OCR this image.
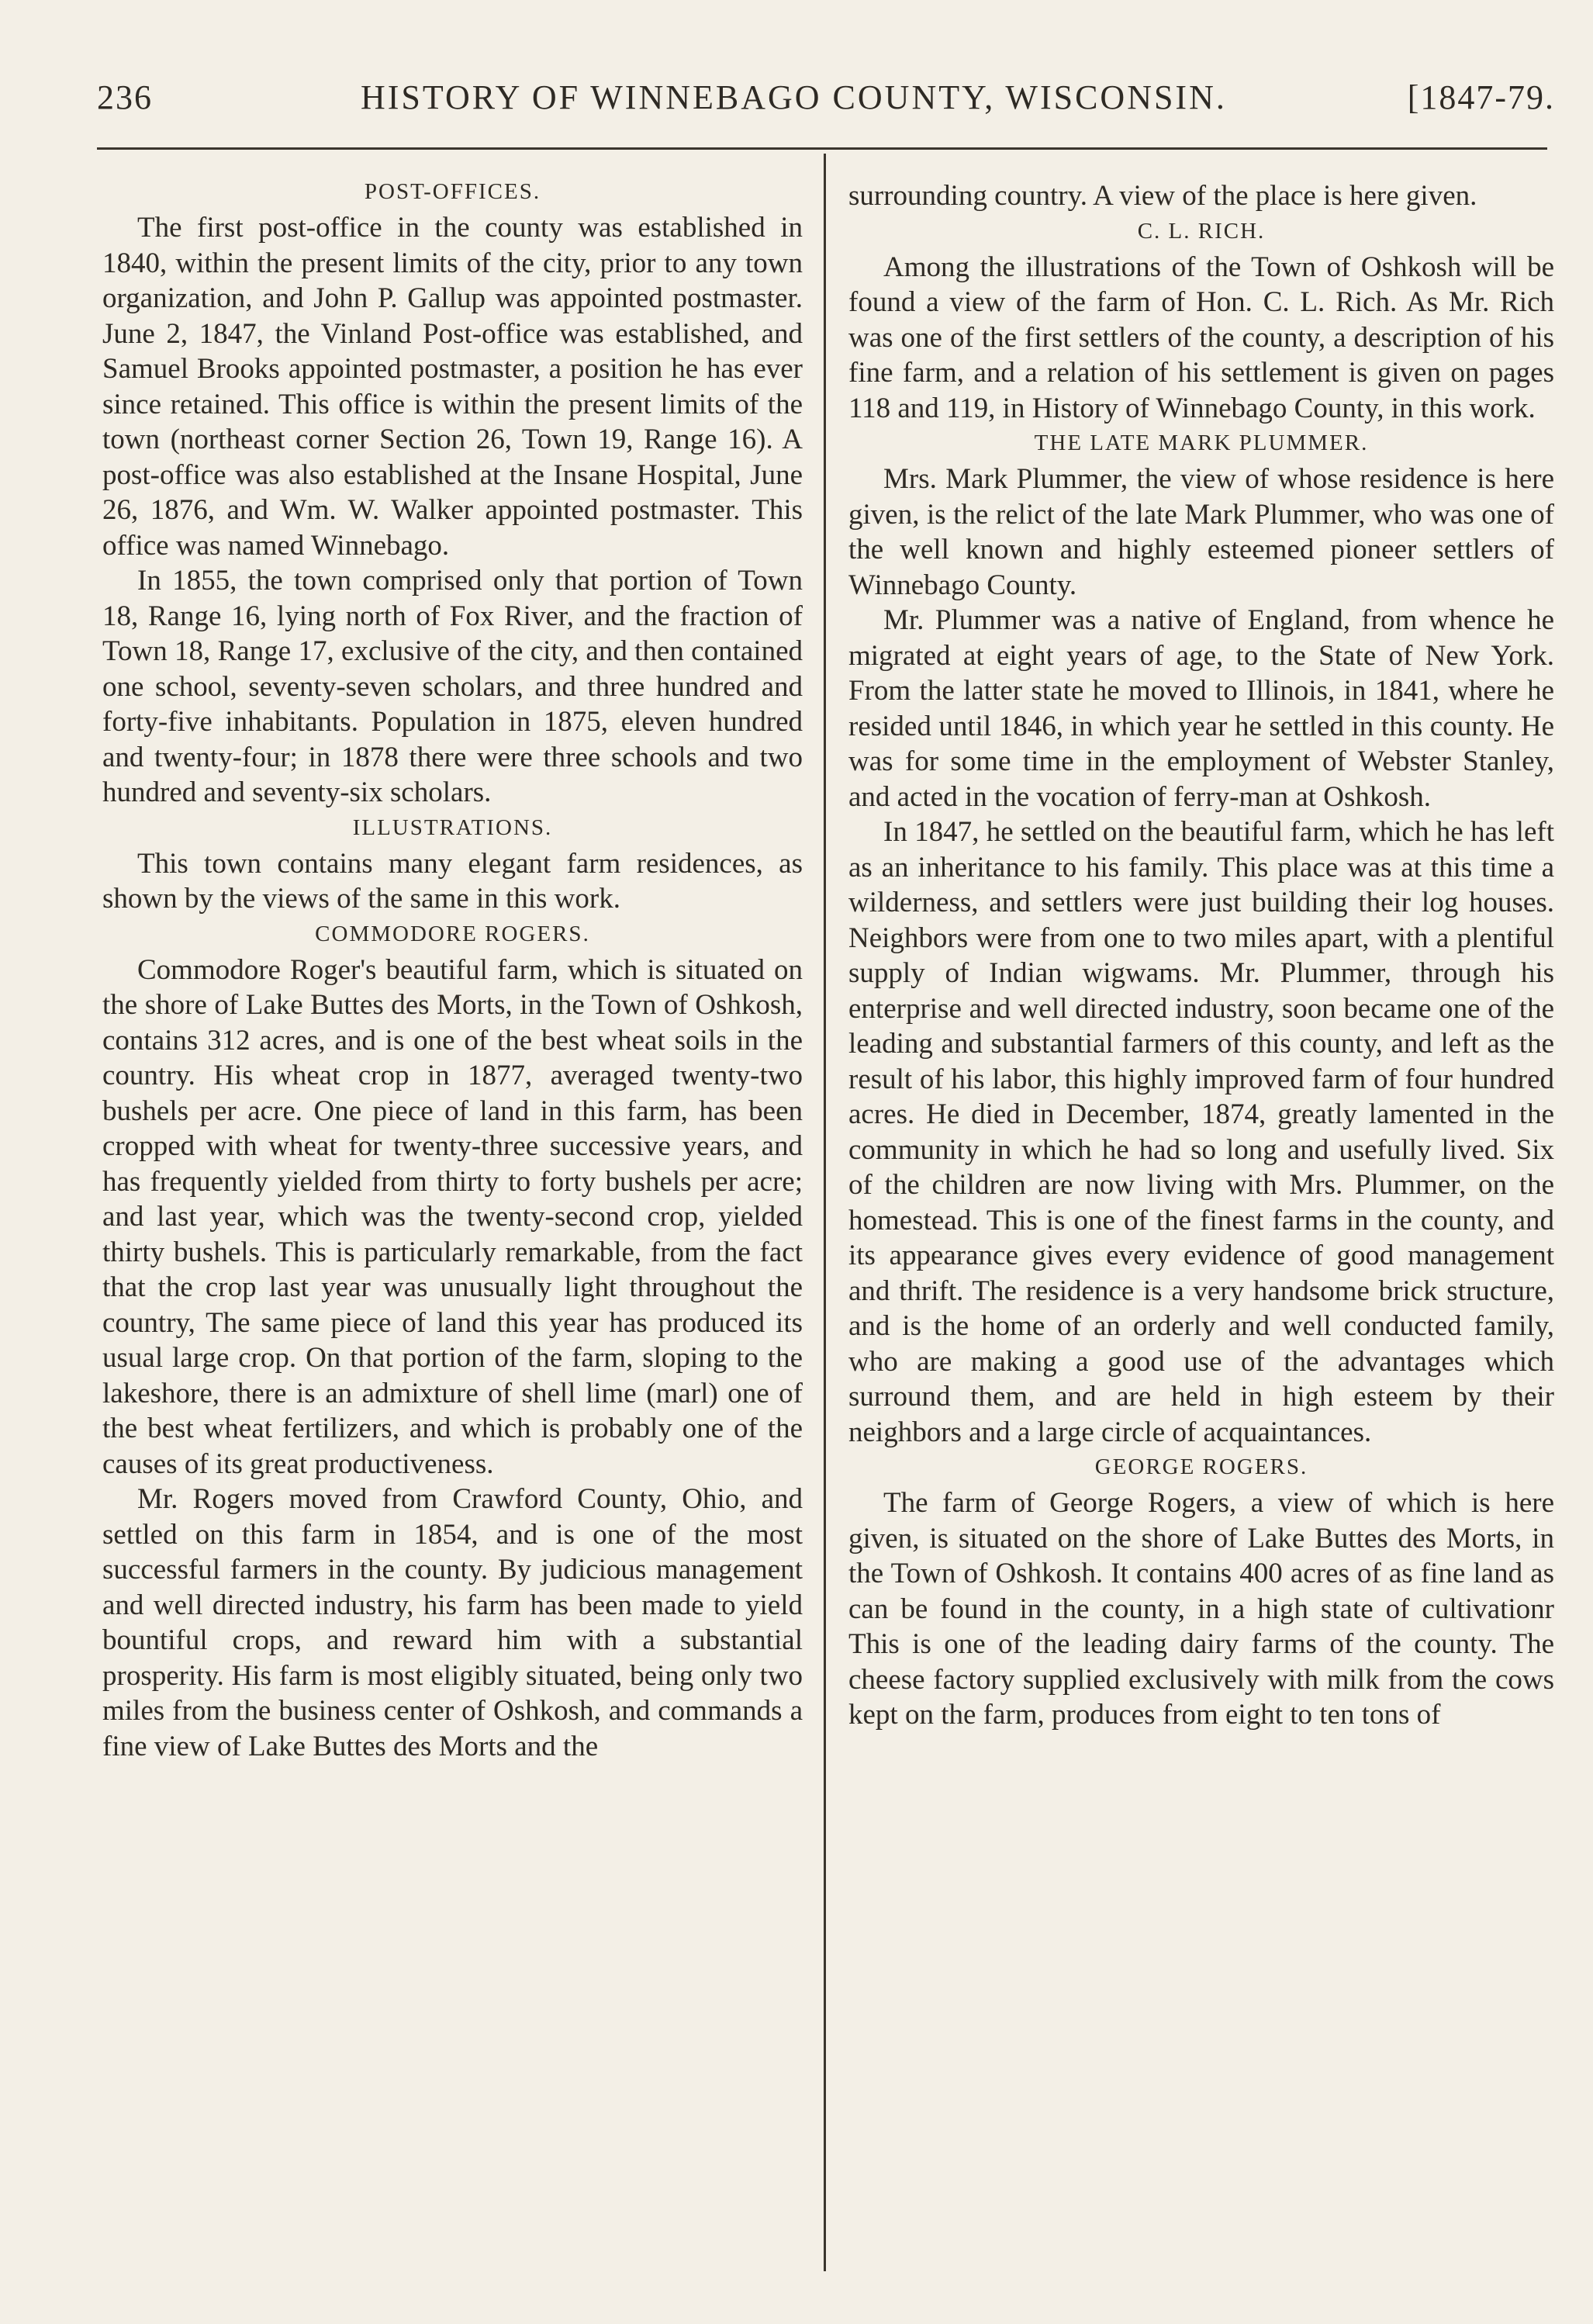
236	HISTORY OF WINNEBAGO COUNTY, WISCONSIN.	[1847-79.
POST-OFFICES.

The first post-office in the county was established in 1840, within the present limits of the city, prior to any town organization, and John P. Gallup was appointed postmaster. June 2, 1847, the Vinland Post-office was established, and Samuel Brooks appointed postmaster, a position he has ever since retained. This office is within the present limits of the town (northeast corner Section 26, Town 19, Range 16). A post-office was also established at the Insane Hospital, June 26, 1876, and Wm. W. Walker appointed postmaster. This office was named Winnebago.

In 1855, the town comprised only that portion of Town 18, Range 16, lying north of Fox River, and the fraction of Town 18, Range 17, exclusive of the city, and then contained one school, seventy-seven scholars, and three hundred and forty-five inhabitants. Population in 1875, eleven hundred and twenty-four; in 1878 there were three schools and two hundred and seventy-six scholars.

ILLUSTRATIONS.

This town contains many elegant farm residences, as shown by the views of the same in this work.

COMMODORE ROGERS.

Commodore Roger's beautiful farm, which is situated on the shore of Lake Buttes des Morts, in the Town of Oshkosh, contains 312 acres, and is one of the best wheat soils in the country. His wheat crop in 1877, averaged twenty-two bushels per acre. One piece of land in this farm, has been cropped with wheat for twenty-three successive years, and has frequently yielded from thirty to forty bushels per acre; and last year, which was the twenty-second crop, yielded thirty bushels. This is particularly remarkable, from the fact that the crop last year was unusually light throughout the country, The same piece of land this year has produced its usual large crop. On that portion of the farm, sloping to the lakeshore, there is an admixture of shell lime (marl) one of the best wheat fertilizers, and which is probably one of the causes of its great productiveness.

Mr. Rogers moved from Crawford County, Ohio, and settled on this farm in 1854, and is one of the most successful farmers in the county. By judicious management and well directed industry, his farm has been made to yield bountiful crops, and reward him with a substantial prosperity. His farm is most eligibly situated, being only two miles from the business center of Oshkosh, and commands a fine view of Lake Buttes des Morts and the

surrounding country. A view of the place is here given.

C. L. RICH.

Among the illustrations of the Town of Oshkosh will be found a view of the farm of Hon. C. L. Rich. As Mr. Rich was one of the first settlers of the county, a description of his fine farm, and a relation of his settlement is given on pages 118 and 119, in History of Winnebago County, in this work.

THE LATE MARK PLUMMER.

Mrs. Mark Plummer, the view of whose residence is here given, is the relict of the late Mark Plummer, who was one of the well known and highly esteemed pioneer settlers of Winnebago County.

Mr. Plummer was a native of England, from whence he migrated at eight years of age, to the State of New York. From the latter state he moved to Illinois, in 1841, where he resided until 1846, in which year he settled in this county. He was for some time in the employment of Webster Stanley, and acted in the vocation of ferry-man at Oshkosh.

In 1847, he settled on the beautiful farm, which he has left as an inheritance to his family. This place was at this time a wilderness, and settlers were just building their log houses. Neighbors were from one to two miles apart, with a plentiful supply of Indian wigwams. Mr. Plummer, through his enterprise and well directed industry, soon became one of the leading and substantial farmers of this county, and left as the result of his labor, this highly improved farm of four hundred acres. He died in December, 1874, greatly lamented in the community in which he had so long and usefully lived. Six of the children are now living with Mrs. Plummer, on the homestead. This is one of the finest farms in the county, and its appearance gives every evidence of good management and thrift. The residence is a very handsome brick structure, and is the home of an orderly and well conducted family, who are making a good use of the advantages which surround them, and are held in high esteem by their neighbors and a large circle of acquaintances.

GEORGE ROGERS.

The farm of George Rogers, a view of which is here given, is situated on the shore of Lake Buttes des Morts, in the Town of Oshkosh. It contains 400 acres of as fine land as can be found in the county, in a high state of cultivationr This is one of the leading dairy farms of the county. The cheese factory supplied exclusively with milk from the cows kept on the farm, produces from eight to ten tons of
